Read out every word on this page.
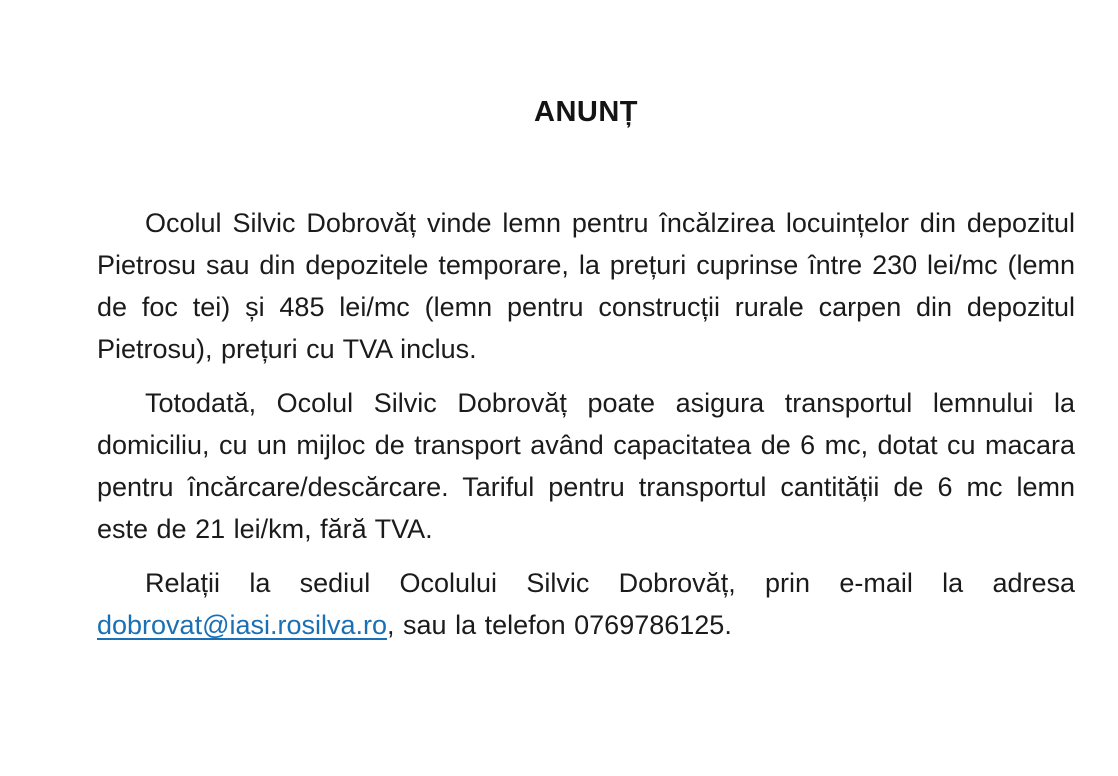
ANUNȚ

Ocolul Silvic Dobrovăț vinde lemn pentru încălzirea locuințelor din depozitul Pietrosu sau din depozitele temporare, la prețuri cuprinse între 230 lei/mc (lemn de foc tei) și 485 lei/mc (lemn pentru construcții rurale carpen din depozitul Pietrosu), prețuri cu TVA inclus.

Totodată, Ocolul Silvic Dobrovăț poate asigura transportul lemnului la domiciliu, cu un mijloc de transport având capacitatea de 6 mc, dotat cu macara pentru încărcare/descărcare. Tariful pentru transportul cantității de 6 mc lemn este de 21 lei/km, fără TVA.

Relații la sediul Ocolului Silvic Dobrovăț, prin e-mail la adresa dobrovat@iasi.rosilva.ro, sau la telefon 0769786125.
